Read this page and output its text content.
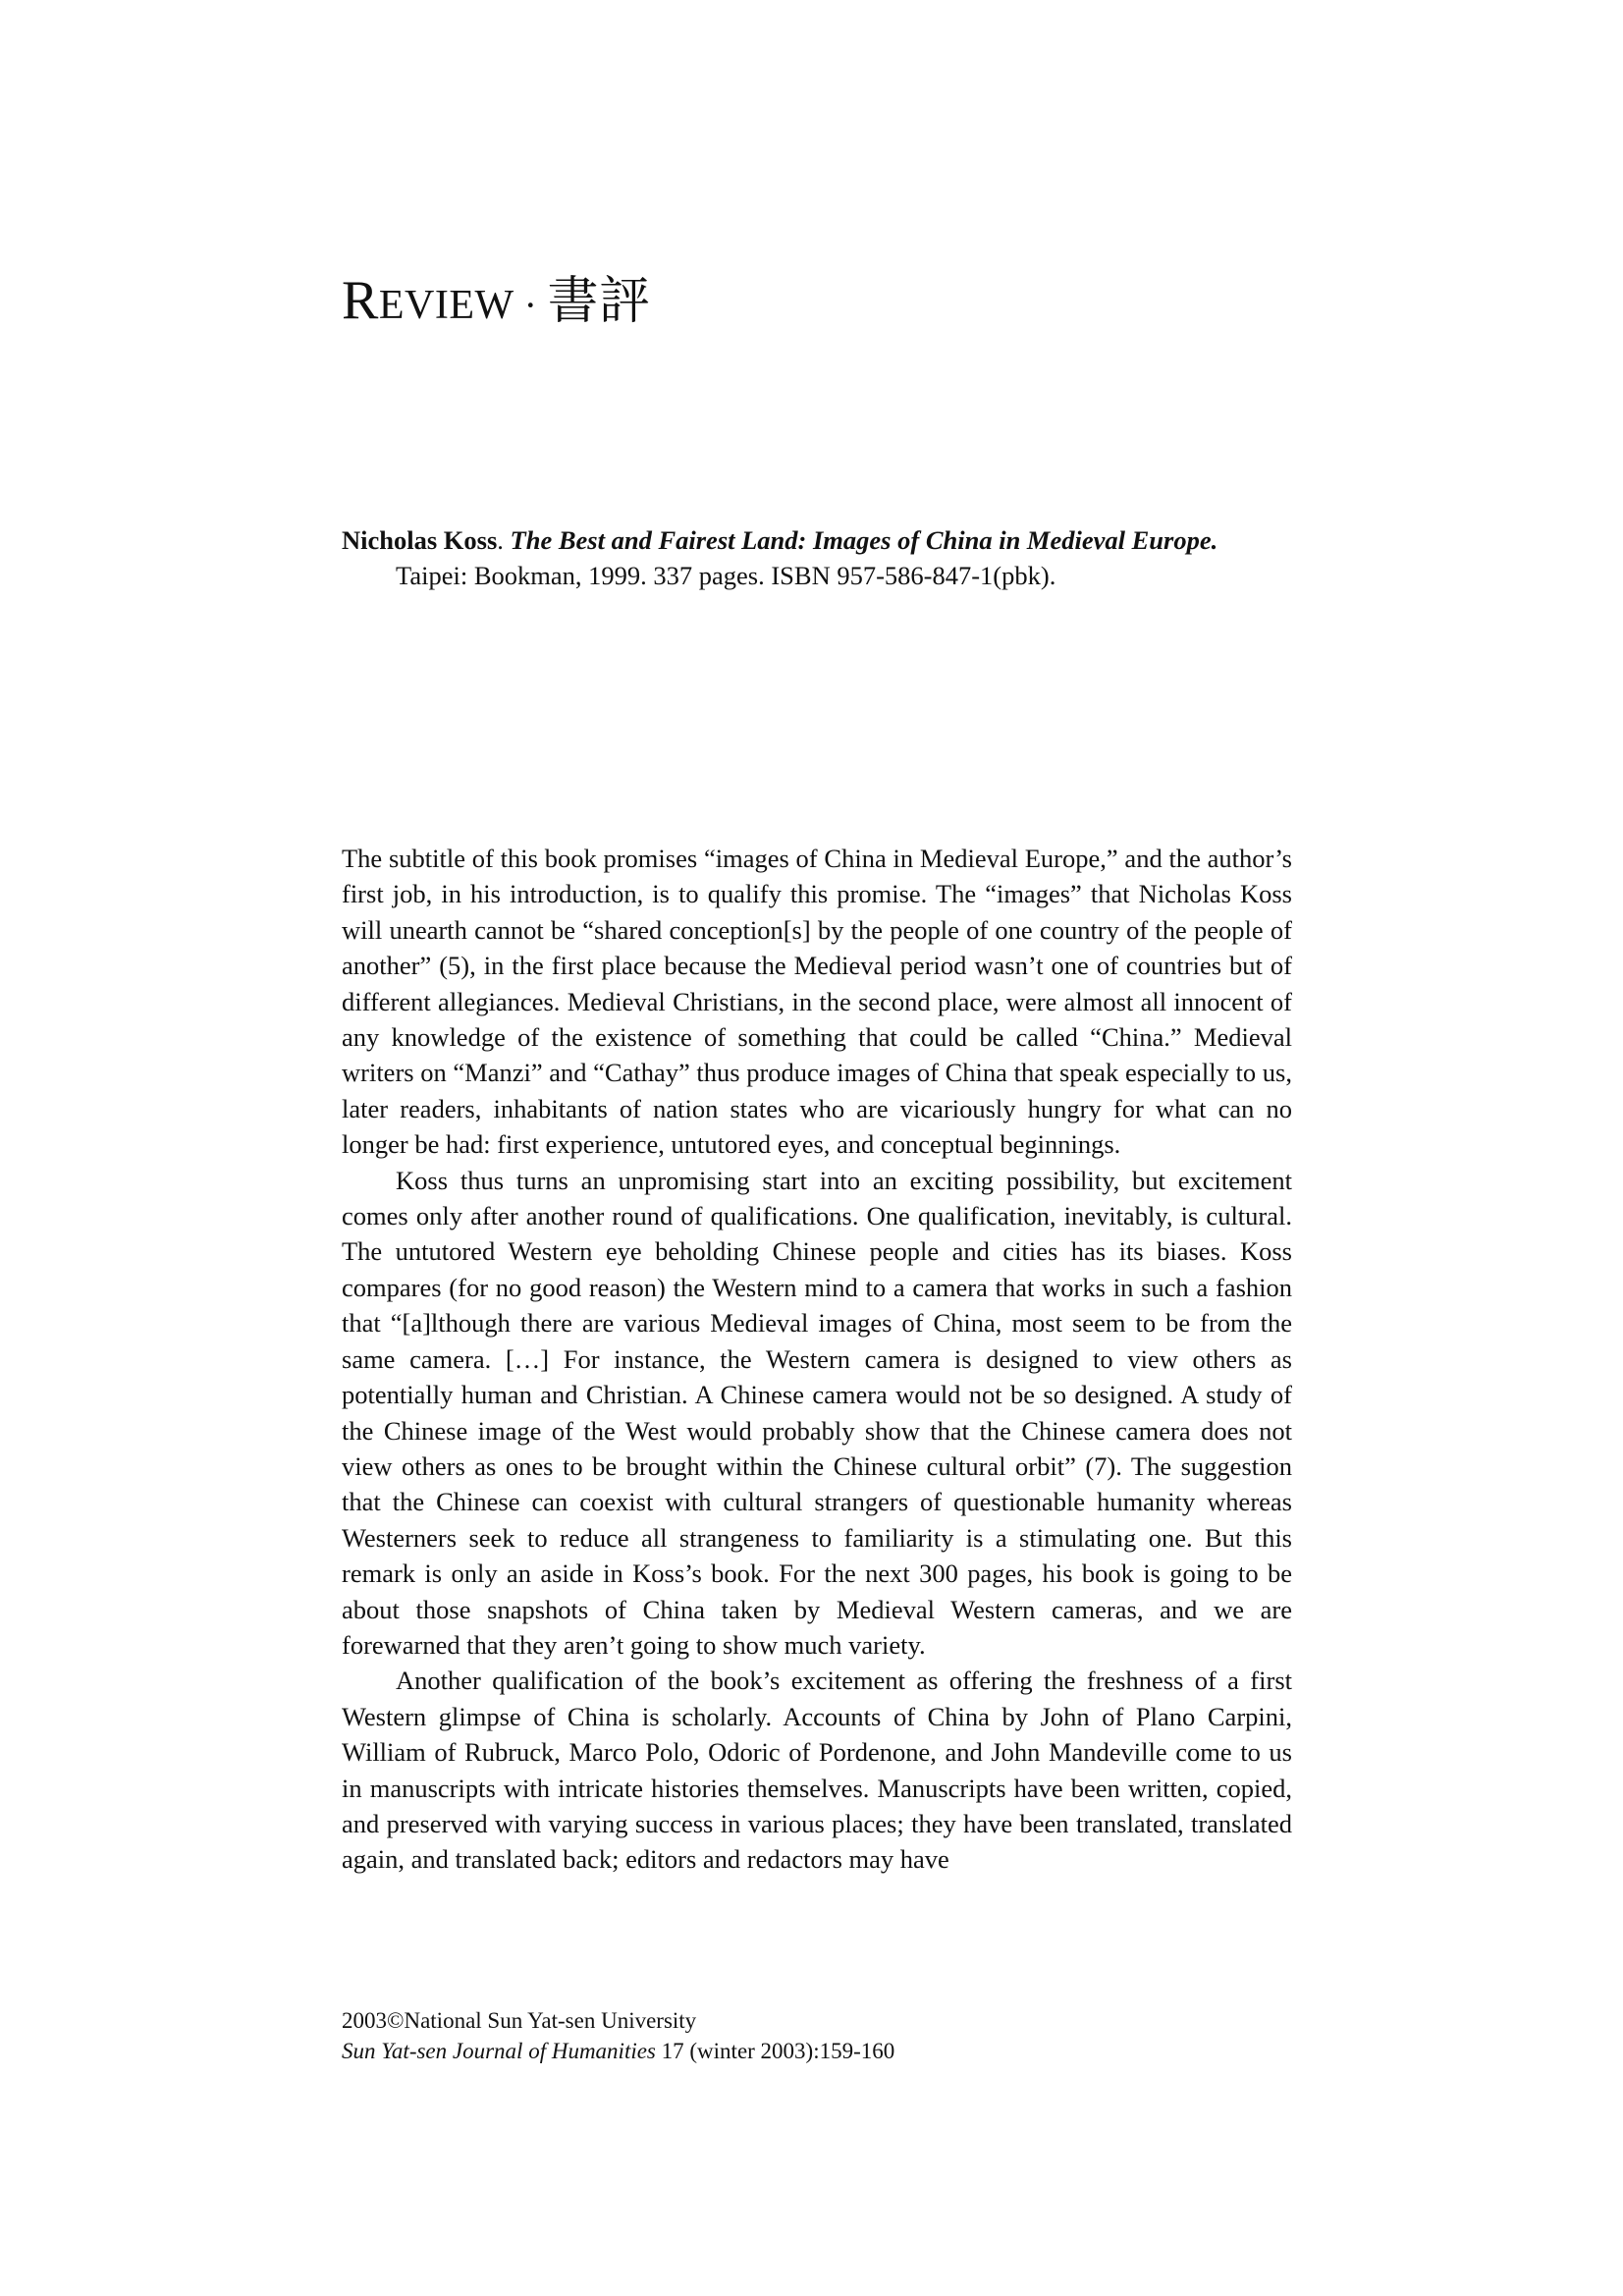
REVIEW · 書評
Nicholas Koss. The Best and Fairest Land: Images of China in Medieval Europe.
Taipei: Bookman, 1999. 337 pages. ISBN 957-586-847-1(pbk).

The subtitle of this book promises “images of China in Medieval Europe,” and the author’s first job, in his introduction, is to qualify this promise. The “images” that Nicholas Koss will unearth cannot be “shared conception[s] by the people of one country of the people of another” (5), in the first place because the Medieval period wasn’t one of countries but of different allegiances. Medieval Christians, in the second place, were almost all innocent of any knowledge of the existence of something that could be called “China.” Medieval writers on “Manzi” and “Cathay” thus produce images of China that speak especially to us, later readers, inhabitants of nation states who are vicariously hungry for what can no longer be had: first experience, untutored eyes, and conceptual beginnings.

Koss thus turns an unpromising start into an exciting possibility, but excitement comes only after another round of qualifications. One qualification, inevitably, is cultural. The untutored Western eye beholding Chinese people and cities has its biases. Koss compares (for no good reason) the Western mind to a camera that works in such a fashion that “[a]lthough there are various Medieval images of China, most seem to be from the same camera. […] For instance, the Western camera is designed to view others as potentially human and Christian. A Chinese camera would not be so designed. A study of the Chinese image of the West would probably show that the Chinese camera does not view others as ones to be brought within the Chinese cultural orbit” (7). The suggestion that the Chinese can coexist with cultural strangers of questionable humanity whereas Westerners seek to reduce all strangeness to familiarity is a stimulating one. But this remark is only an aside in Koss’s book. For the next 300 pages, his book is going to be about those snapshots of China taken by Medieval Western cameras, and we are forewarned that they aren’t going to show much variety.

Another qualification of the book’s excitement as offering the freshness of a first Western glimpse of China is scholarly. Accounts of China by John of Plano Carpini, William of Rubruck, Marco Polo, Odoric of Pordenone, and John Mandeville come to us in manuscripts with intricate histories themselves. Manuscripts have been written, copied, and preserved with varying success in various places; they have been translated, translated again, and translated back; editors and redactors may have

2003©National Sun Yat-sen University
Sun Yat-sen Journal of Humanities 17 (winter 2003):159-160
